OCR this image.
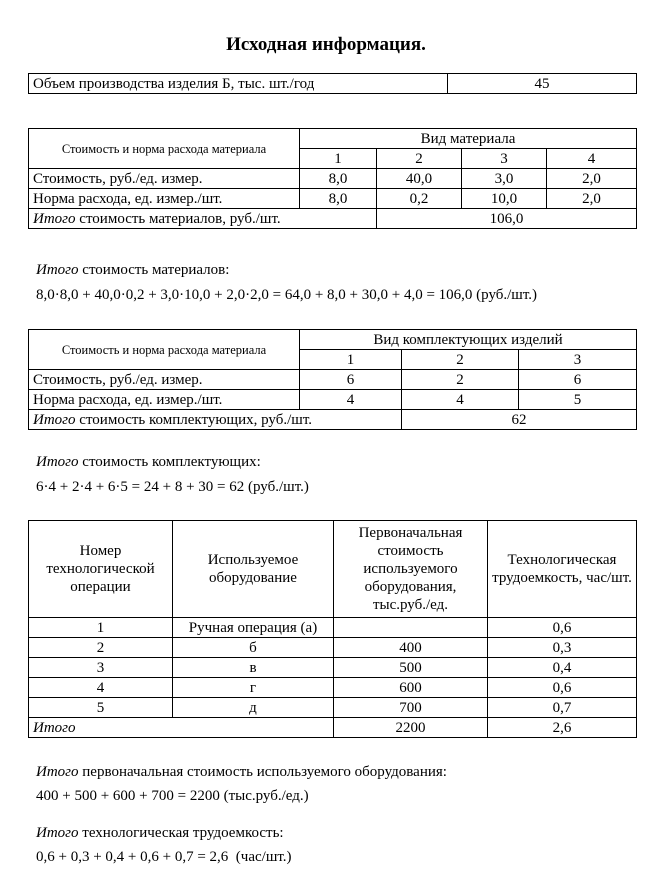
Исходная информация.
Объем производства изделия Б, тыс. шт./год	45
Стоимость и норма расхода материала	Вид материала			
	1	2	3	4
Стоимость, руб./ед. измер.	8,0	40,0	3,0	2,0
Норма расхода, ед. измер./шт.	8,0	0,2	10,0	2,0
Итого стоимость материалов, руб./шт.		106,0		

Итого стоимость материалов:

8,0·8,0 + 40,0·0,2 + 3,0·10,0 + 2,0·2,0 = 64,0 + 8,0 + 30,0 + 4,0 = 106,0 (руб./шт.)

Стоимость и норма расхода материала	Вид комплектующих изделий		
	1	2	3
Стоимость, руб./ед. измер.	6	2	6
Норма расхода, ед. измер./шт.	4	4	5
Итого стоимость комплектующих, руб./шт.		62	

Итого стоимость комплектующих:

6·4 + 2·4 + 6·5 = 24 + 8 + 30 = 62 (руб./шт.)

Номер технологической операции	Используемое оборудование	Первоначальная стоимость используемого оборудования, тыс.руб./ед.	Технологическая трудоемкость, час/шт.
1	Ручная операция (а)		0,6
2	б	400	0,3
3	в	500	0,4
4	г	600	0,6
5	д	700	0,7
Итого		2200	2,6

Итого первоначальная стоимость используемого оборудования:

400 + 500 + 600 + 700 = 2200 (тыс.руб./ед.)

Итого технологическая трудоемкость:

0,6 + 0,3 + 0,4 + 0,6 + 0,7 = 2,6  (час/шт.)
